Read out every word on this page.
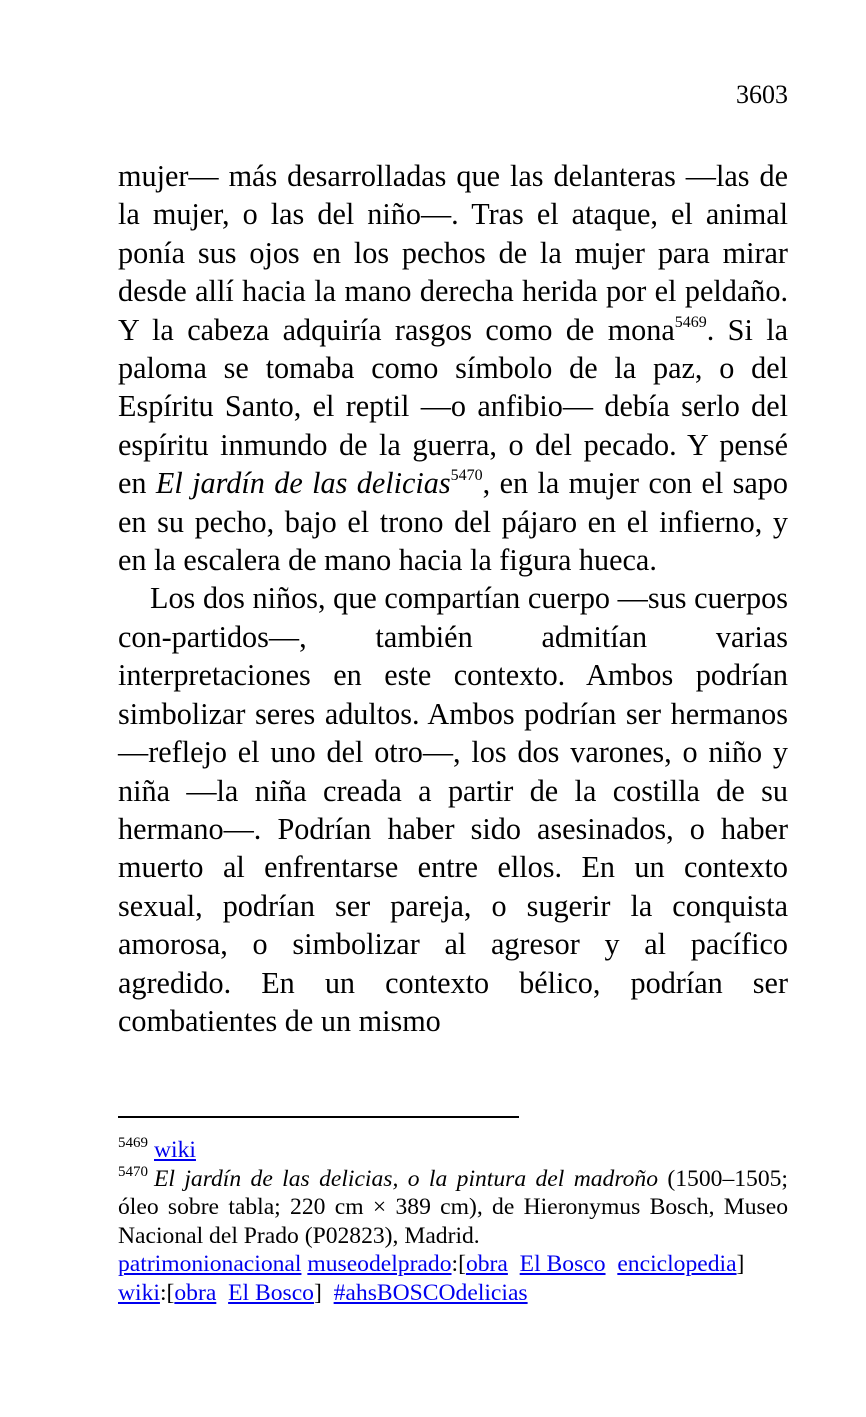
3603

mujer— más desarrolladas que las delanteras —las de la mujer, o las del niño—. Tras el ataque, el animal ponía sus ojos en los pechos de la mujer para mirar desde allí hacia la mano derecha herida por el peldaño. Y la cabeza adquiría rasgos como de mona$^{5469}$. Si la paloma se tomaba como símbolo de la paz, o del Espíritu Santo, el reptil —o anfibio— debía serlo del espíritu inmundo de la guerra, o del pecado. Y pensé en El jardín de las delicias$^{5470}$, en la mujer con el sapo en su pecho, bajo el trono del pájaro en el infierno, y en la escalera de mano hacia la figura hueca.

Los dos niños, que compartían cuerpo —sus cuerpos con-partidos—, también admitían varias interpretaciones en este contexto. Ambos podrían simbolizar seres adultos. Ambos podrían ser hermanos —reflejo el uno del otro—, los dos varones, o niño y niña —la niña creada a partir de la costilla de su hermano—. Podrían haber sido asesinados, o haber muerto al enfrentarse entre ellos. En un contexto sexual, podrían ser pareja, o sugerir la conquista amorosa, o simbolizar al agresor y al pacífico agredido. En un contexto bélico, podrían ser combatientes de un mismo

$^{5469}$ wiki

$^{5470}$ El jardín de las delicias, o la pintura del madroño (1500–1505; óleo sobre tabla; 220 cm × 389 cm), de Hieronymus Bosch, Museo Nacional del Prado (P02823), Madrid.

patrimonionacional museodelprado:[obra El Bosco enciclopedia]

wiki:[obra El Bosco]  #ahsBOSCOdelicias
